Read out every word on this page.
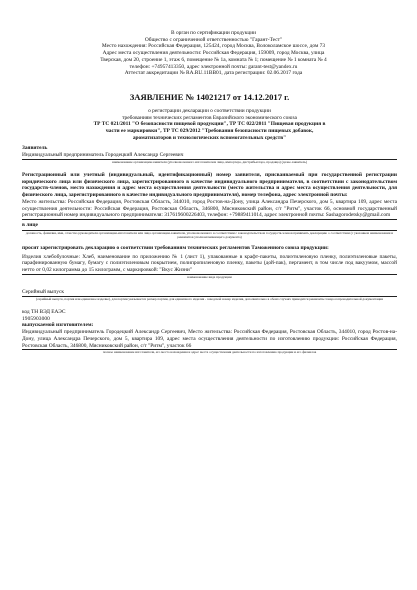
В орган по сертификации продукции
Общество с ограниченной ответственностью "Гарант-Тест"
Место нахождения: Российская Федерация, 125424, город Москва, Волоколамское шоссе, дом 73
Адрес места осуществления деятельности: Российская Федерация, 159009, город Москва, улица
Тверская, дом 20, строение 1, этаж 6, помещение № 1а, комната № 1; помещение № 1 комната № 4
телефон: +74957413350, адрес электронной почты: garant-test@yandex.ru
Аттестат аккредитации № RA.RU.11ВВ01, дата регистрации: 02.06.2017 года
ЗАЯВЛЕНИЕ № 14021217 от 14.12.2017 г.
о регистрации декларации о соответствии продукции
требованиям технических регламентов Евразийского экономического союза
ТР ТС 021/2011 "О безопасности пищевой продукции", ТР ТС 022/2011 "Пищевая продукция в
части ее маркировки", ТР ТС 029/2012 "Требования безопасности пищевых добавок,
ароматизаторов и технологических вспомогательных средств"
Заявитель
Индивидуальный предприниматель Городецкий Александр Сергеевич
наименование организации-заявителя (уполномоченного изготовителем лица, импортера, дистрибьютора, продавца) (далее-заявитель)
Регистрационный или учетный (индивидуальный, идентификационный) номер заявителя, присваиваемый при государственной регистрации юридического лица или физического лица, зарегистрированного в качестве индивидуального предпринимателя, в соответствии с законодательством государств-членов, место нахождения и адрес места осуществления деятельности (место жительства и адрес места осуществления деятельности, для физического лица, зарегистрированного в качестве индивидуального предпринимателя), номер телефона, адрес электронной почты:
Место жительства: Российская Федерация, Ростовская Область, 344010, город Ростов-на-Дону, улица Александра Печерского, дом 5, квартира 109, адрес места осуществления деятельности: Российская Федерация, Ростовская Область, 346800, Мясниковский район, с/т "Ритм", участок 66, основной государственный регистрационный номер индивидуального предпринимателя: 317619600226403, телефон: +79889411014, адрес электронной почты: Sashagorodetsky@gmail.com
в лице
должность, фамилия, имя, отчество руководителя организации-изготовителя или лица организации-заявителя, уполномоченного в соответствии с законодательством государств-членов принимать декларацию о соответствии (с указанием наименования и реквизитов уполномочивающего документа)
просит зарегистрировать декларацию о соответствии требованиям технических регламентов Таможенного союза продукции:
Изделия хлебобулочные: Хлеб, наименование по приложению № 1 (лист 1), упакованные в крафт-пакеты, полиэтиленовую пленку, полиэтиленовые пакеты, парафинированную бумагу, бумагу с полиэтиленовым покрытием, полипропиленовую пленку, пакеты (дой-пак), пергамент, в том числе под вакуумом, массой нетто от 0,02 килограмма до 15 килограмм, с маркировкой: "Вкус Жизни"
наименование вида продукции
Серийный выпуск
(серийный выпуск, партия или единичное изделие), для партии указывается размер партии, для единичного изделия - заводской номер изделия, дополнительно в обоих случаях приводится реквизиты товаросопроводительной документации
код ТН ВЭД ЕАЭС
1905903000
выпускаемой изготовителем:
Индивидуальный предприниматель Городецкий Александр Сергеевич, Место жительства: Российская Федерация, Ростовская Область, 344010, город Ростов-на-Дону, улица Александра Печерского, дом 5, квартира 109, адрес места осуществления деятельности по изготовлению продукции: Российская Федерация, Ростовская Область, 346800, Мясниковский район, с/т "Ритм", участок 66
полное наименование изготовителя, его место нахождения и адрес места осуществления деятельности по изготовлению продукции и его филиалов
